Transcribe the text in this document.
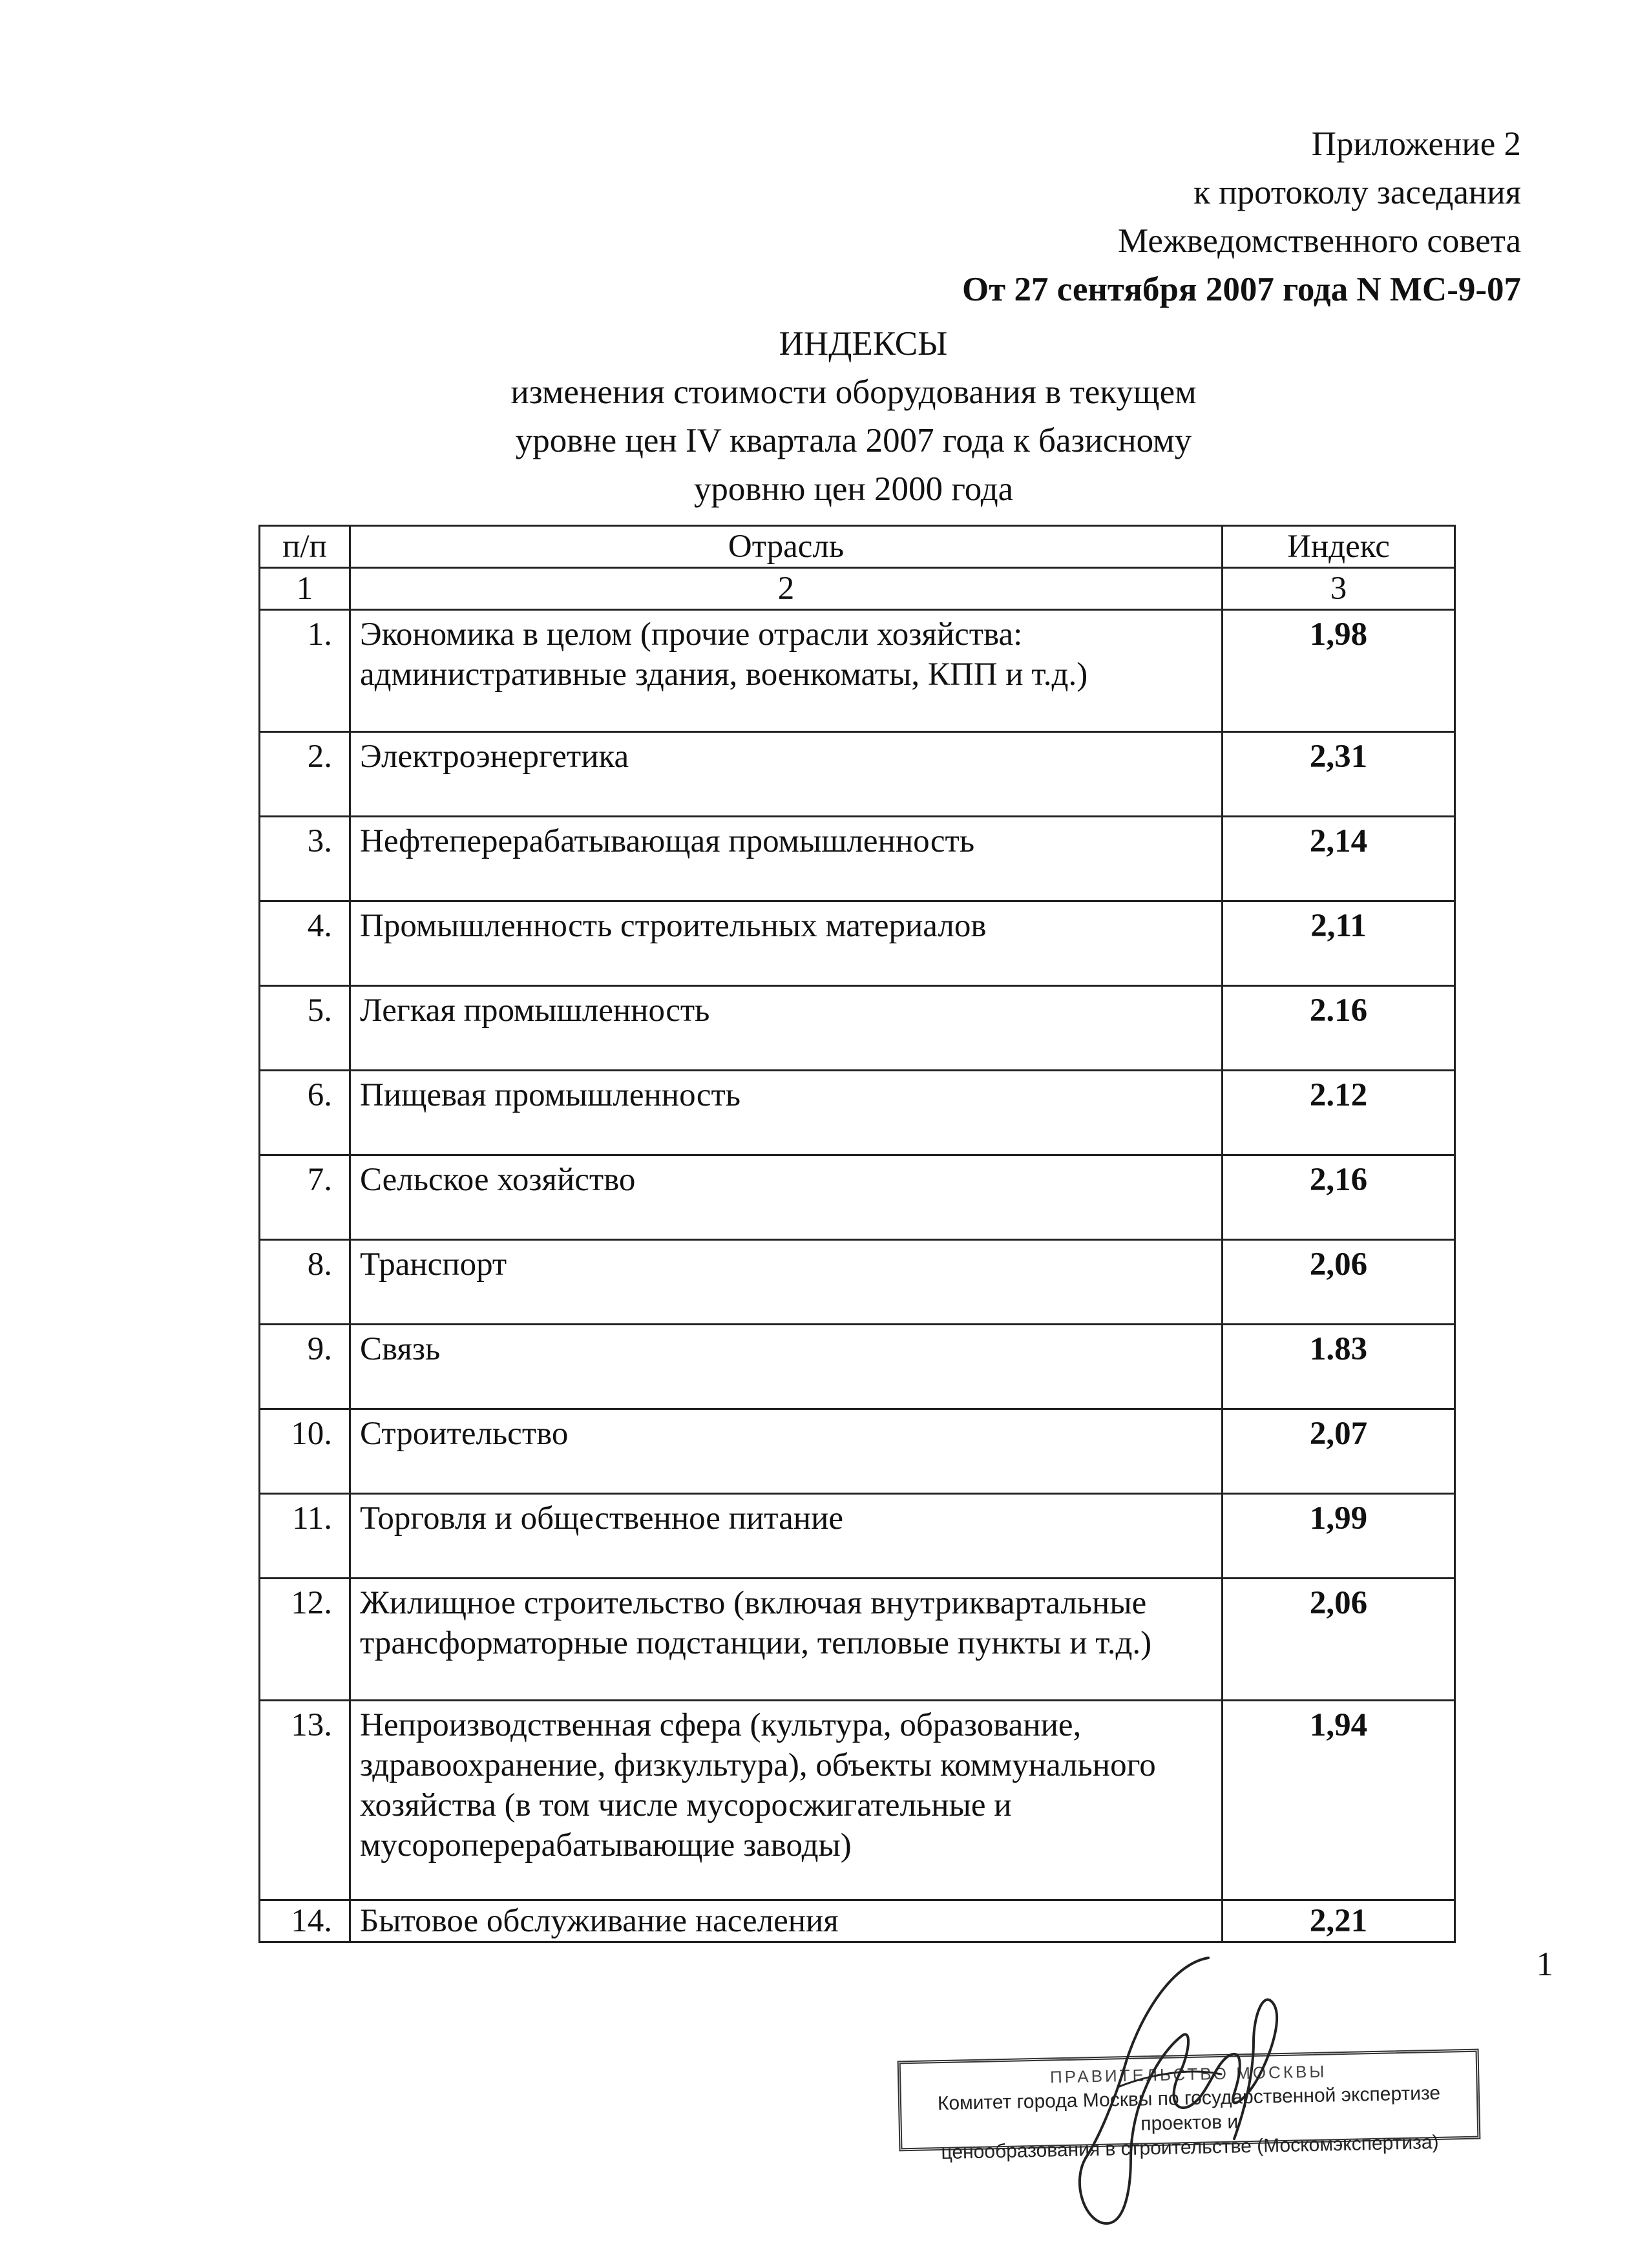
Приложение 2
к протоколу заседания
Межведомственного совета
От 27 сентября 2007 года N МС-9-07
ИНДЕКСЫ
изменения стоимости оборудования в текущем
уровне цен IV квартала 2007 года к базисному
уровню цен 2000 года
п/п	Отрасль	Индекс
1	2	3
1.	Экономика в целом (прочие отрасли хозяйства: административные здания, военкоматы, КПП и т.д.)	1,98
2.	Электроэнергетика	2,31
3.	Нефтеперерабатывающая промышленность	2,14
4.	Промышленность строительных материалов	2,11
5.	Легкая промышленность	2.16
6.	Пищевая промышленность	2.12
7.	Сельское хозяйство	2,16
8.	Транспорт	2,06
9.	Связь	1.83
10.	Строительство	2,07
11.	Торговля и общественное питание	1,99
12.	Жилищное строительство (включая внутриквартальные трансформаторные подстанции, тепловые пункты и т.д.)	2,06
13.	Непроизводственная сфера (культура, образование, здравоохранение, физкультура), объекты коммунального хозяйства (в том числе мусоросжигательные и мусороперерабатывающие заводы)	1,94
14.	Бытовое обслуживание населения	2,21
1
ПРАВИТЕЛЬСТВО МОСКВЫ
Комитет города Москвы по государственной экспертизе проектов и
ценообразования в строительстве (Москомэкспертиза)
